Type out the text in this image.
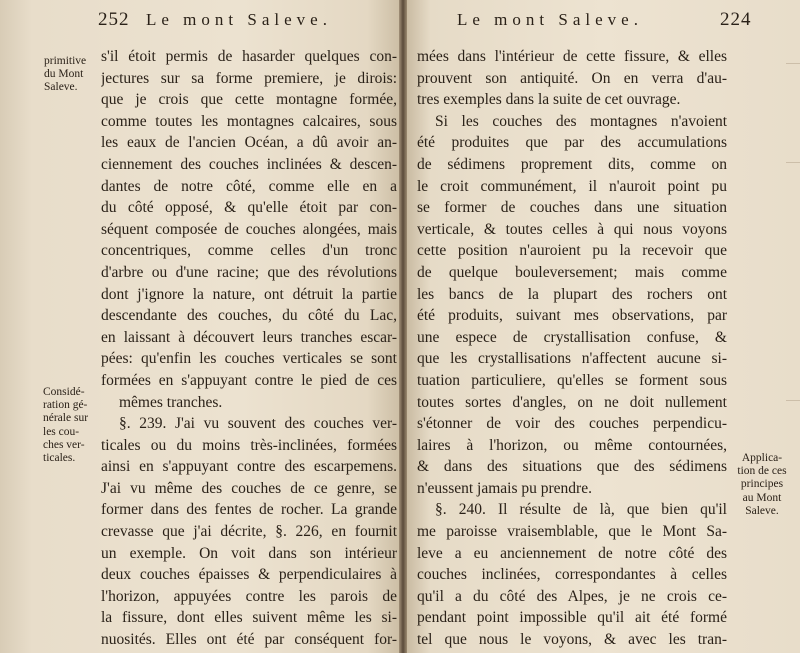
252 Le mont Saleve.
primitive
du Mont
Saleve.
Considé-
ration gé-
nérale sur
les cou-
ches ver-
ticales.
s'il étoit permis de hasarder quelques con-
jectures sur sa forme premiere, je dirois:
que je crois que cette montagne formée,
comme toutes les montagnes calcaires, sous
les eaux de l'ancien Océan, a dû avoir an-
ciennement des couches inclinées & descen-
dantes de notre côté, comme elle en a
du côté opposé, & qu'elle étoit par con-
séquent composée de couches alongées, mais
concentriques, comme celles d'un tronc
d'arbre ou d'une racine; que des révolutions
dont j'ignore la nature, ont détruit la partie
descendante des couches, du côté du Lac,
en laissant à découvert leurs tranches escar-
pées: qu'enfin les couches verticales se sont
formées en s'appuyant contre le pied de ces
mêmes tranches.
§. 239. J'ai vu souvent des couches ver-
ticales ou du moins très-inclinées, formées
ainsi en s'appuyant contre des escarpemens.
J'ai vu même des couches de ce genre, se
former dans des fentes de rocher. La grande
crevasse que j'ai décrite, §. 226, en fournit
un exemple. On voit dans son intérieur
deux couches épaisses & perpendiculaires à
l'horizon, appuyées contre les parois de
la fissure, dont elles suivent même les si-
nuosités. Elles ont été par conséquent for-
Le mont Saleve.	224
mées dans l'intérieur de cette fissure, & elles
prouvent son antiquité. On en verra d'au-
tres exemples dans la suite de cet ouvrage.
Si les couches des montagnes n'avoient
été produites que par des accumulations
de sédimens proprement dits, comme on
le croit communément, il n'auroit point pu
se former de couches dans une situation
verticale, & toutes celles à qui nous voyons
cette position n'auroient pu la recevoir que
de quelque bouleversement; mais comme
les bancs de la plupart des rochers ont
été produits, suivant mes observations, par
une espece de crystallisation confuse, &
que les crystallisations n'affectent aucune si-
tuation particuliere, qu'elles se forment sous
toutes sortes d'angles, on ne doit nullement
s'étonner de voir des couches perpendicu-
laires à l'horizon, ou même contournées,
& dans des situations que des sédimens
n'eussent jamais pu prendre.
§. 240. Il résulte de là, que bien qu'il
me paroisse vraisemblable, que le Mont Sa-
leve a eu anciennement de notre côté des
couches inclinées, correspondantes à celles
qu'il a du côté des Alpes, je ne crois ce-
pendant point impossible qu'il ait été formé
tel que nous le voyons, & avec les tran-
Applica-
tion de ces
principes
au Mont
Saleve.
